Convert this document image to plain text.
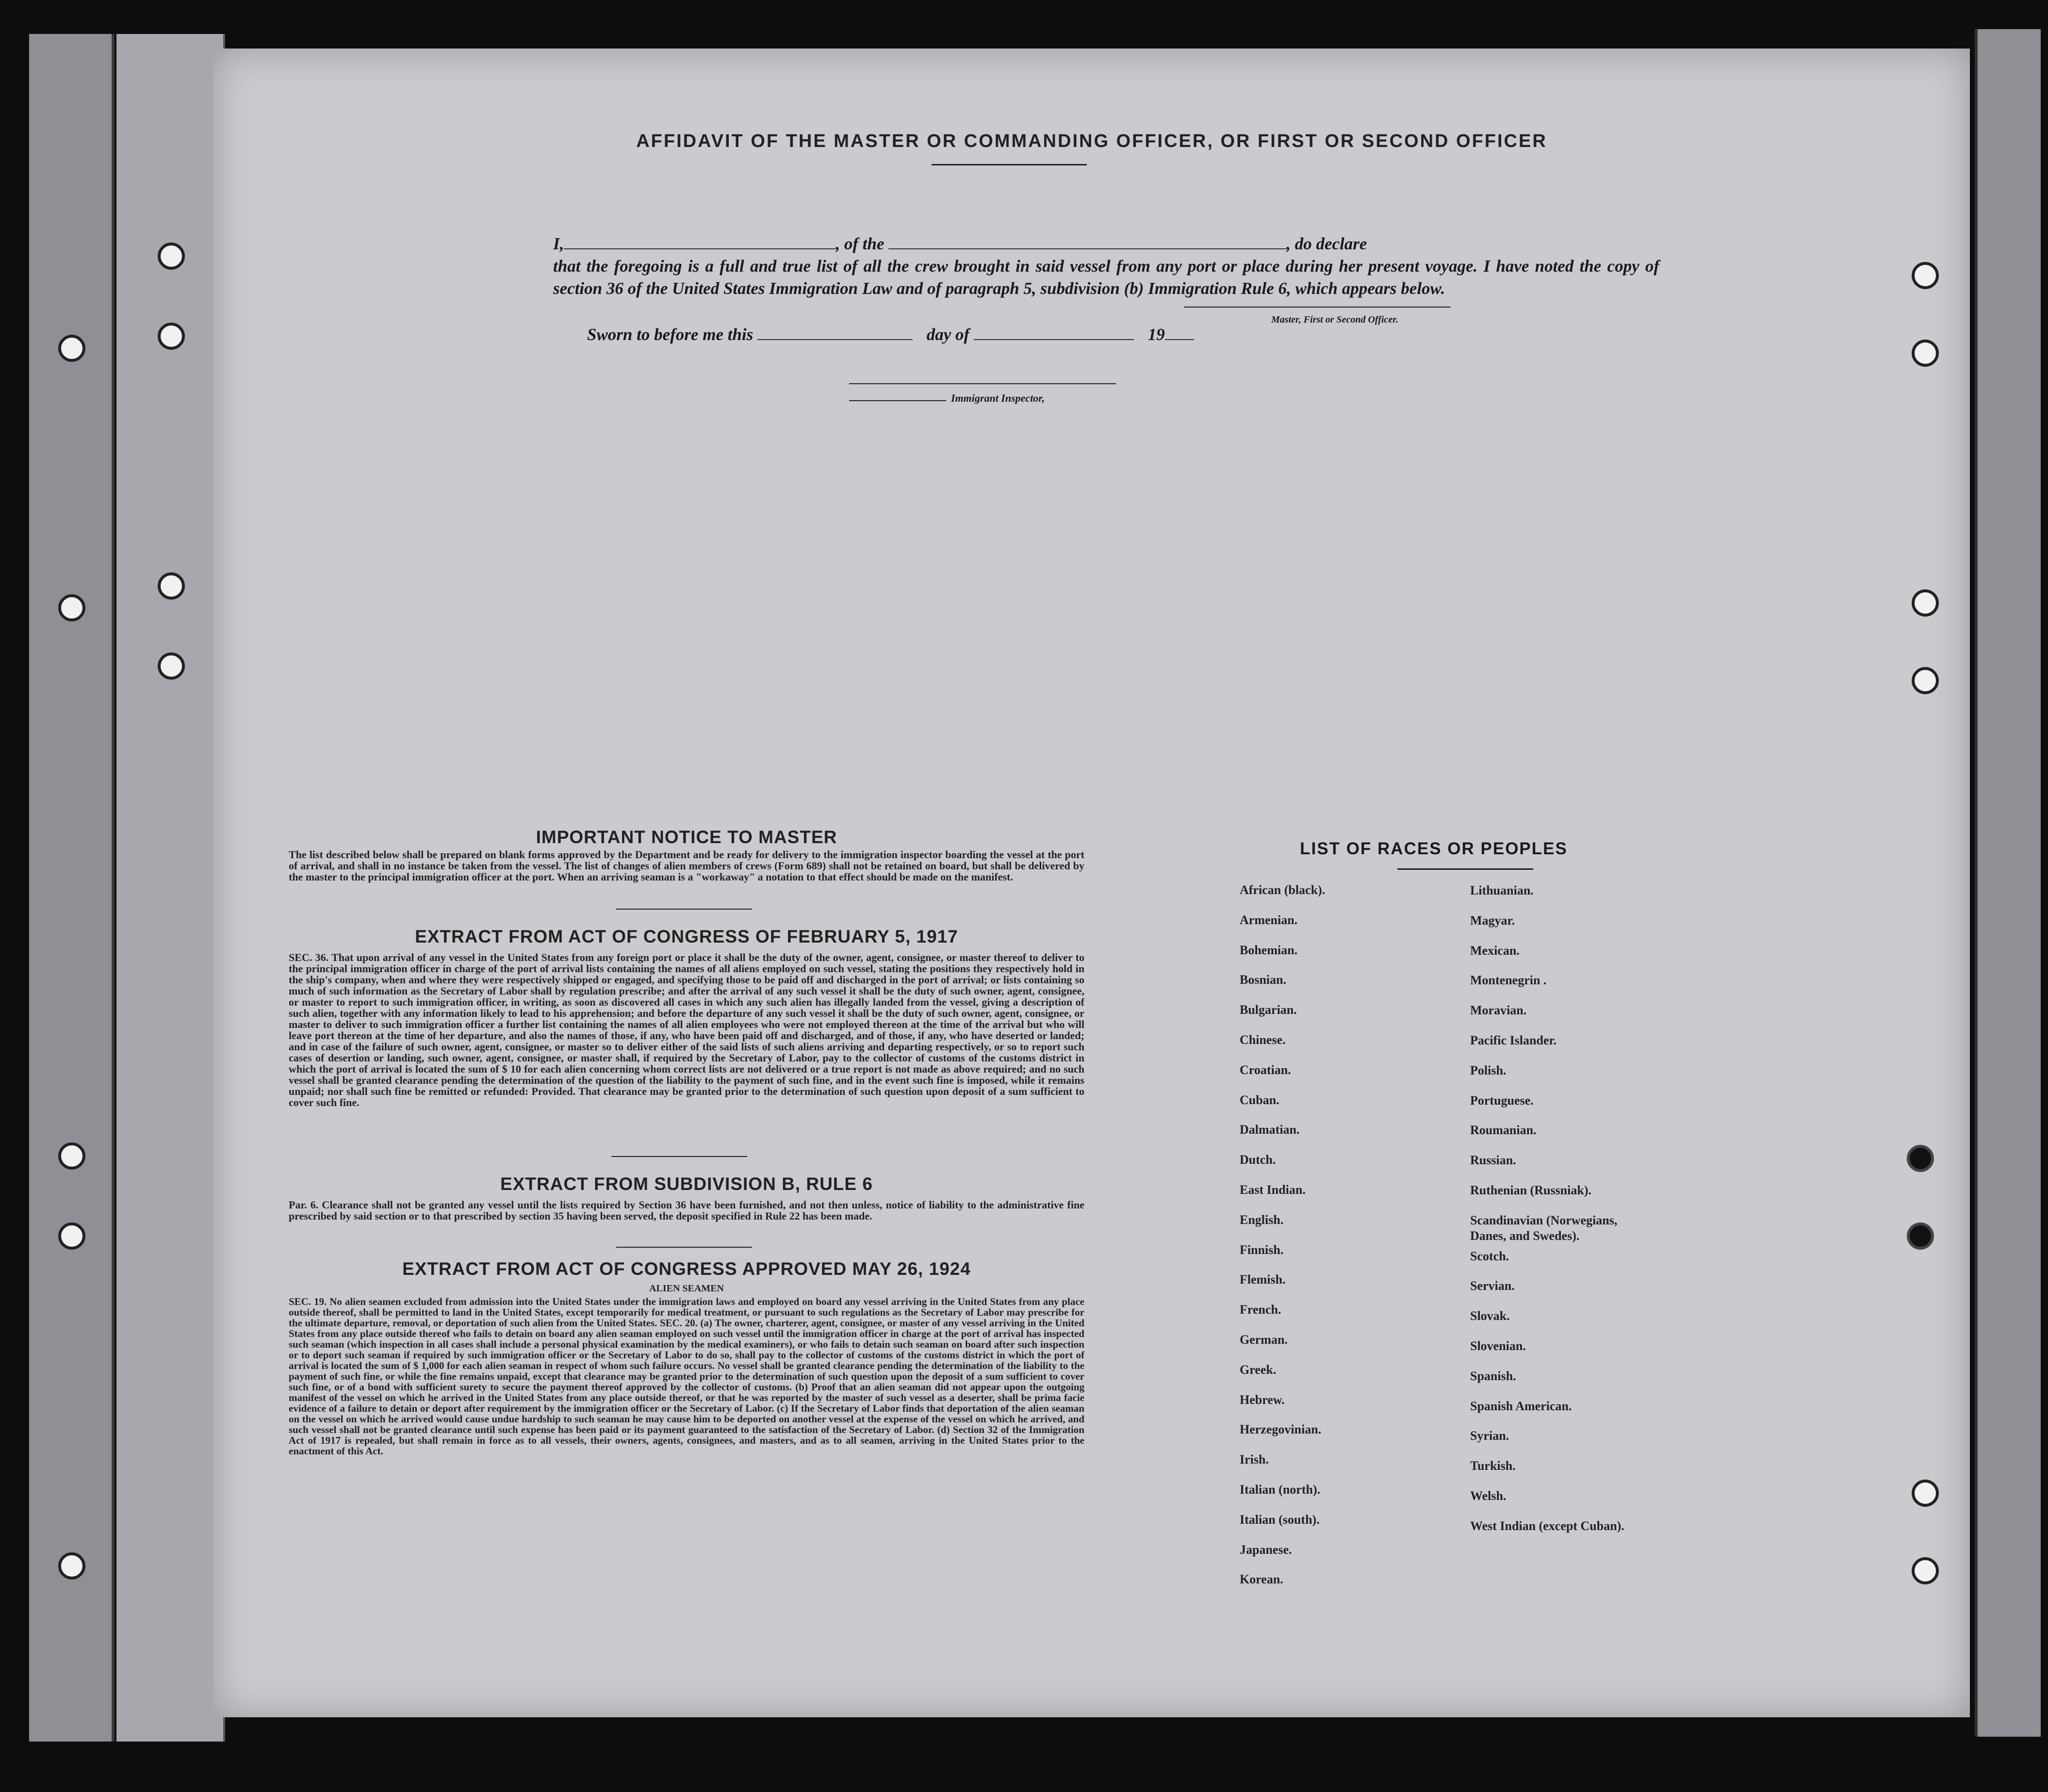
AFFIDAVIT OF THE MASTER OR COMMANDING OFFICER, OR FIRST OR SECOND OFFICER
I,	, of the	, do declare
that the foregoing is a full and true list of all the crew brought in said vessel from any port or place during her present voyage. I have noted the copy of section 36 of the United States Immigration Law and of paragraph 5, subdivision (b) Immigration Rule 6, which appears below.
Master, First or Second Officer.
Sworn to before me this	day of	19
Immigrant Inspector,
IMPORTANT NOTICE TO MASTER
The list described below shall be prepared on blank forms approved by the Department and be ready for delivery to the immigration inspector boarding the vessel at the port of arrival, and shall in no instance be taken from the vessel. The list of changes of alien members of crews (Form 689) shall not be retained on board, but shall be delivered by the master to the principal immigration officer at the port. When an arriving seaman is a "workaway" a notation to that effect should be made on the manifest.
EXTRACT FROM ACT OF CONGRESS OF FEBRUARY 5, 1917
SEC. 36. That upon arrival of any vessel in the United States from any foreign port or place it shall be the duty of the owner, agent, consignee, or master thereof to deliver to the principal immigration officer in charge of the port of arrival lists containing the names of all aliens employed on such vessel, stating the positions they respectively hold in the ship's company, when and where they were respectively shipped or engaged, and specifying those to be paid off and discharged in the port of arrival; or lists containing so much of such information as the Secretary of Labor shall by regulation prescribe; and after the arrival of any such vessel it shall be the duty of such owner, agent, consignee, or master to report to such immigration officer, in writing, as soon as discovered all cases in which any such alien has illegally landed from the vessel, giving a description of such alien, together with any information likely to lead to his apprehension; and before the departure of any such vessel it shall be the duty of such owner, agent, consignee, or master to deliver to such immigration officer a further list containing the names of all alien employees who were not employed thereon at the time of the arrival but who will leave port thereon at the time of her departure, and also the names of those, if any, who have been paid off and discharged, and of those, if any, who have deserted or landed; and in case of the failure of such owner, agent, consignee, or master so to deliver either of the said lists of such aliens arriving and departing respectively, or so to report such cases of desertion or landing, such owner, agent, consignee, or master shall, if required by the Secretary of Labor, pay to the collector of customs of the customs district in which the port of arrival is located the sum of $ 10 for each alien concerning whom correct lists are not delivered or a true report is not made as above required; and no such vessel shall be granted clearance pending the determination of the question of the liability to the payment of such fine, and in the event such fine is imposed, while it remains unpaid; nor shall such fine be remitted or refunded: Provided. That clearance may be granted prior to the determination of such question upon deposit of a sum sufficient to cover such fine.
EXTRACT FROM SUBDIVISION B, RULE 6
Par. 6. Clearance shall not be granted any vessel until the lists required by Section 36 have been furnished, and not then unless, notice of liability to the administrative fine prescribed by said section or to that prescribed by section 35 having been served, the deposit specified in Rule 22 has been made.
EXTRACT FROM ACT OF CONGRESS APPROVED MAY 26, 1924
ALIEN SEAMEN
SEC. 19. No alien seamen excluded from admission into the United States under the immigration laws and employed on board any vessel arriving in the United States from any place outside thereof, shall be permitted to land in the United States, except temporarily for medical treatment, or pursuant to such regulations as the Secretary of Labor may prescribe for the ultimate departure, removal, or deportation of such alien from the United States. SEC. 20. (a) The owner, charterer, agent, consignee, or master of any vessel arriving in the United States from any place outside thereof who fails to detain on board any alien seaman employed on such vessel until the immigration officer in charge at the port of arrival has inspected such seaman (which inspection in all cases shall include a personal physical examination by the medical examiners), or who fails to detain such seaman on board after such inspection or to deport such seaman if required by such immigration officer or the Secretary of Labor to do so, shall pay to the collector of customs of the customs district in which the port of arrival is located the sum of $ 1,000 for each alien seaman in respect of whom such failure occurs. No vessel shall be granted clearance pending the determination of the liability to the payment of such fine, or while the fine remains unpaid, except that clearance may be granted prior to the determination of such question upon the deposit of a sum sufficient to cover such fine, or of a bond with sufficient surety to secure the payment thereof approved by the collector of customs. (b) Proof that an alien seaman did not appear upon the outgoing manifest of the vessel on which he arrived in the United States from any place outside thereof, or that he was reported by the master of such vessel as a deserter, shall be prima facie evidence of a failure to detain or deport after requirement by the immigration officer or the Secretary of Labor. (c) If the Secretary of Labor finds that deportation of the alien seaman on the vessel on which he arrived would cause undue hardship to such seaman he may cause him to be deported on another vessel at the expense of the vessel on which he arrived, and such vessel shall not be granted clearance until such expense has been paid or its payment guaranteed to the satisfaction of the Secretary of Labor. (d) Section 32 of the Immigration Act of 1917 is repealed, but shall remain in force as to all vessels, their owners, agents, consignees, and masters, and as to all seamen, arriving in the United States prior to the enactment of this Act.
LIST OF RACES OR PEOPLES
African (black).
Armenian.
Bohemian.
Bosnian.
Bulgarian.
Chinese.
Croatian.
Cuban.
Dalmatian.
Dutch.
East Indian.
English.
Finnish.
Flemish.
French.
German.
Greek.
Hebrew.
Herzegovinian.
Irish.
Italian (north).
Italian (south).
Japanese.
Korean.
Lithuanian.
Magyar.
Mexican.
Montenegrin .
Moravian.
Pacific Islander.
Polish.
Portuguese.
Roumanian.
Russian.
Ruthenian (Russniak).
Scandinavian (Norwegians, Danes, and Swedes).
Scotch.
Servian.
Slovak.
Slovenian.
Spanish.
Spanish American.
Syrian.
Turkish.
Welsh.
West Indian (except Cuban).
